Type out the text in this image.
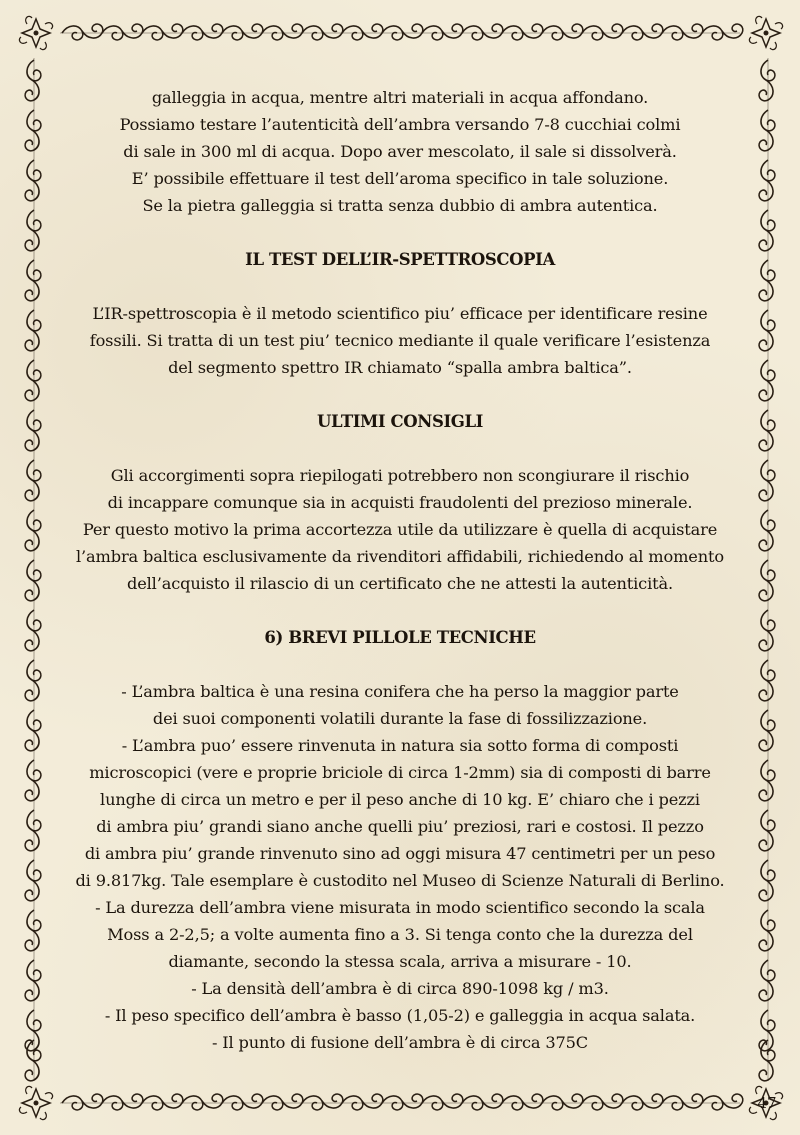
galleggia in acqua, mentre altri materiali in acqua affondano.
Possiamo testare l’autenticità dell’ambra versando 7-8 cucchiai colmi
di sale in 300 ml di acqua. Dopo aver mescolato, il sale si dissolverà.
E’ possibile effettuare il test dell’aroma specifico in tale soluzione.
Se la pietra galleggia si tratta senza dubbio di ambra autentica.

IL TEST DELL’IR-SPETTROSCOPIA

L’IR-spettroscopia è il metodo scientifico piu’ efficace per identificare resine
fossili. Si tratta di un test piu’ tecnico mediante il quale verificare l’esistenza
del segmento spettro IR chiamato “spalla ambra baltica”.

ULTIMI CONSIGLI

Gli accorgimenti sopra riepilogati potrebbero non scongiurare il rischio
di incappare comunque sia in acquisti fraudolenti del prezioso minerale.
Per questo motivo la prima accortezza utile da utilizzare è quella di acquistare
l’ambra baltica esclusivamente da rivenditori affidabili, richiedendo al momento
dell’acquisto il rilascio di un certificato che ne attesti la autenticità.

6) BREVI PILLOLE TECNICHE

- L’ambra baltica è una resina conifera che ha perso la maggior parte
dei suoi componenti volatili durante la fase di fossilizzazione.
- L’ambra puo’ essere rinvenuta in natura sia sotto forma di composti
microscopici (vere e proprie briciole di circa 1-2mm) sia di composti di barre
lunghe di circa un metro e per il peso anche di 10 kg. E’ chiaro che i pezzi
di ambra piu’ grandi siano anche quelli piu’ preziosi, rari e costosi. Il pezzo
di ambra piu’ grande rinvenuto sino ad oggi misura 47 centimetri per un peso
di 9.817kg. Tale esemplare è custodito nel Museo di Scienze Naturali di Berlino.
- La durezza dell’ambra viene misurata in modo scientifico secondo la scala
Moss a 2-2,5; a volte aumenta fino a 3. Si tenga conto che la durezza del
diamante, secondo la stessa scala, arriva a misurare - 10.
- La densità dell’ambra è di circa 890-1098 kg / m3.
- Il peso specifico dell’ambra è basso (1,05-2) e galleggia in acqua salata.
- Il punto di fusione dell’ambra è di circa 375C

47
